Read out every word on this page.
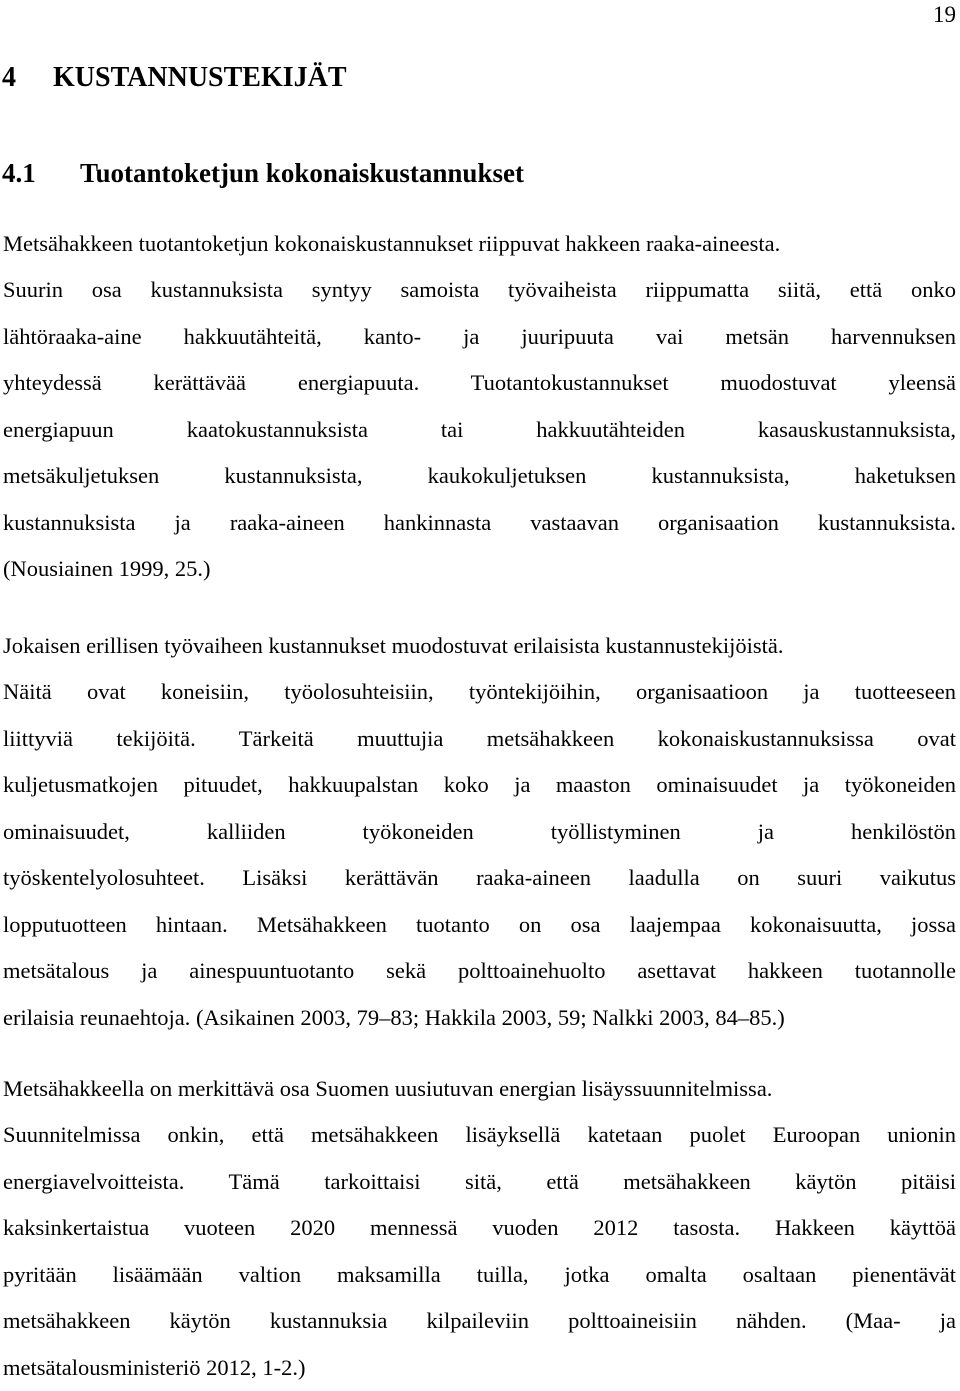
19
4 KUSTANNUSTEKIJÄT
4.1 Tuotantoketjun kokonaiskustannukset
Metsähakkeen tuotantoketjun kokonaiskustannukset riippuvat hakkeen raaka-aineesta.
Suurin osa kustannuksista syntyy samoista työvaiheista riippumatta siitä, että onko
lähtöraaka-aine hakkuutähteitä, kanto- ja juuripuuta vai metsän harvennuksen
yhteydessä kerättävää energiapuuta. Tuotantokustannukset muodostuvat yleensä
energiapuun kaatokustannuksista tai hakkuutähteiden kasauskustannuksista,
metsäkuljetuksen kustannuksista, kaukokuljetuksen kustannuksista, haketuksen
kustannuksista ja raaka-aineen hankinnasta vastaavan organisaation kustannuksista.
(Nousiainen 1999, 25.)
Jokaisen erillisen työvaiheen kustannukset muodostuvat erilaisista kustannustekijöistä.
Näitä ovat koneisiin, työolosuhteisiin, työntekijöihin, organisaatioon ja tuotteeseen
liittyviä tekijöitä. Tärkeitä muuttujia metsähakkeen kokonaiskustannuksissa ovat
kuljetusmatkojen pituudet, hakkuupalstan koko ja maaston ominaisuudet ja työkoneiden
ominaisuudet, kalliiden työkoneiden työllistyminen ja henkilöstön
työskentelyolosuhteet. Lisäksi kerättävän raaka-aineen laadulla on suuri vaikutus
lopputuotteen hintaan. Metsähakkeen tuotanto on osa laajempaa kokonaisuutta, jossa
metsätalous ja ainespuuntuotanto sekä polttoainehuolto asettavat hakkeen tuotannolle
erilaisia reunaehtoja. (Asikainen 2003, 79–83; Hakkila 2003, 59; Nalkki 2003, 84–85.)
Metsähakkeella on merkittävä osa Suomen uusiutuvan energian lisäyssuunnitelmissa.
Suunnitelmissa onkin, että metsähakkeen lisäyksellä katetaan puolet Euroopan unionin
energiavelvoitteista. Tämä tarkoittaisi sitä, että metsähakkeen käytön pitäisi
kaksinkertaistua vuoteen 2020 mennessä vuoden 2012 tasosta. Hakkeen käyttöä
pyritään lisäämään valtion maksamilla tuilla, jotka omalta osaltaan pienentävät
metsähakkeen käytön kustannuksia kilpaileviin polttoaineisiin nähden. (Maa- ja
metsätalousministeriö 2012, 1-2.)
